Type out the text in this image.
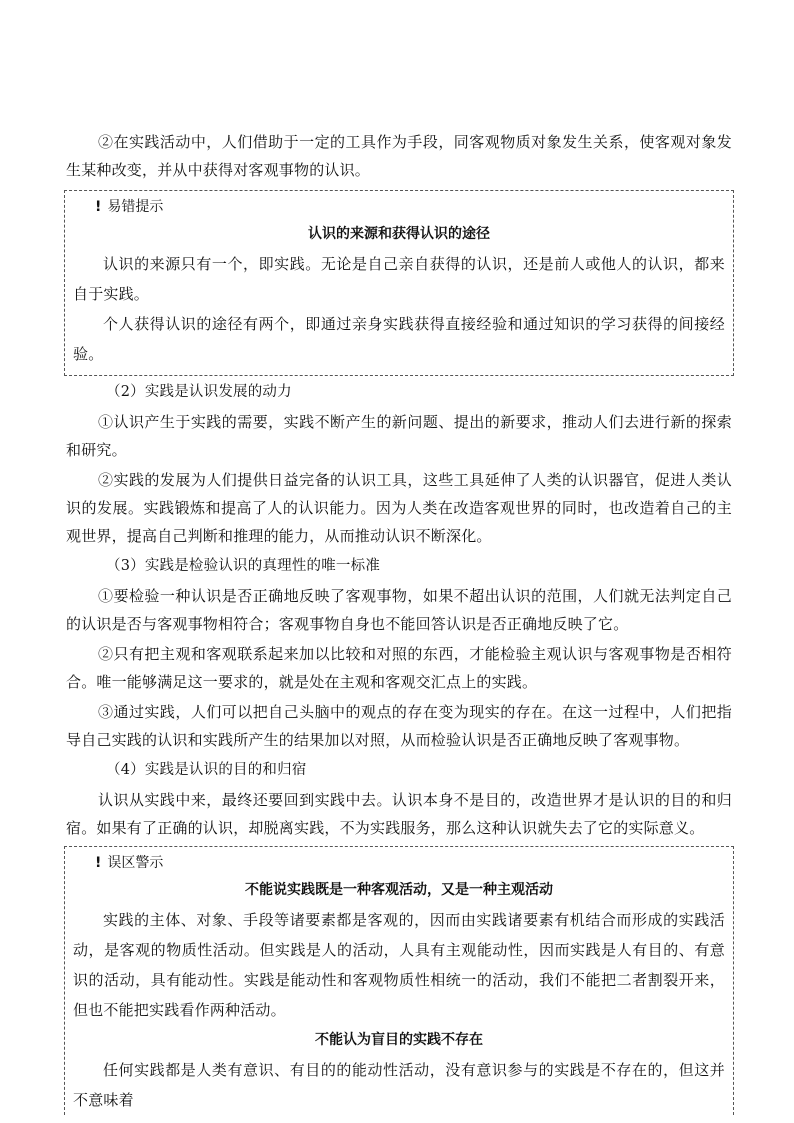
②在实践活动中，人们借助于一定的工具作为手段，同客观物质对象发生关系，使客观对象发生某种改变，并从中获得对客观事物的认识。

! 易错提示
认识的来源和获得认识的途径

认识的来源只有一个，即实践。无论是自己亲自获得的认识，还是前人或他人的认识，都来自于实践。

个人获得认识的途径有两个，即通过亲身实践获得直接经验和通过知识的学习获得的间接经验。

（2）实践是认识发展的动力

①认识产生于实践的需要，实践不断产生的新问题、提出的新要求，推动人们去进行新的探索和研究。

②实践的发展为人们提供日益完备的认识工具，这些工具延伸了人类的认识器官，促进人类认识的发展。实践锻炼和提高了人的认识能力。因为人类在改造客观世界的同时，也改造着自己的主观世界，提高自己判断和推理的能力，从而推动认识不断深化。

（3）实践是检验认识的真理性的唯一标准

①要检验一种认识是否正确地反映了客观事物，如果不超出认识的范围，人们就无法判定自己的认识是否与客观事物相符合；客观事物自身也不能回答认识是否正确地反映了它。

②只有把主观和客观联系起来加以比较和对照的东西，才能检验主观认识与客观事物是否相符合。唯一能够满足这一要求的，就是处在主观和客观交汇点上的实践。

③通过实践，人们可以把自己头脑中的观点的存在变为现实的存在。在这一过程中，人们把指导自己实践的认识和实践所产生的结果加以对照，从而检验认识是否正确地反映了客观事物。

（4）实践是认识的目的和归宿

认识从实践中来，最终还要回到实践中去。认识本身不是目的，改造世界才是认识的目的和归宿。如果有了正确的认识，却脱离实践，不为实践服务，那么这种认识就失去了它的实际意义。

! 误区警示
不能说实践既是一种客观活动，又是一种主观活动

实践的主体、对象、手段等诸要素都是客观的，因而由实践诸要素有机结合而形成的实践活动，是客观的物质性活动。但实践是人的活动，人具有主观能动性，因而实践是人有目的、有意识的活动，具有能动性。实践是能动性和客观物质性相统一的活动，我们不能把二者割裂开来，但也不能把实践看作两种活动。

不能认为盲目的实践不存在

任何实践都是人类有意识、有目的的能动性活动，没有意识参与的实践是不存在的，但这并不意味着
